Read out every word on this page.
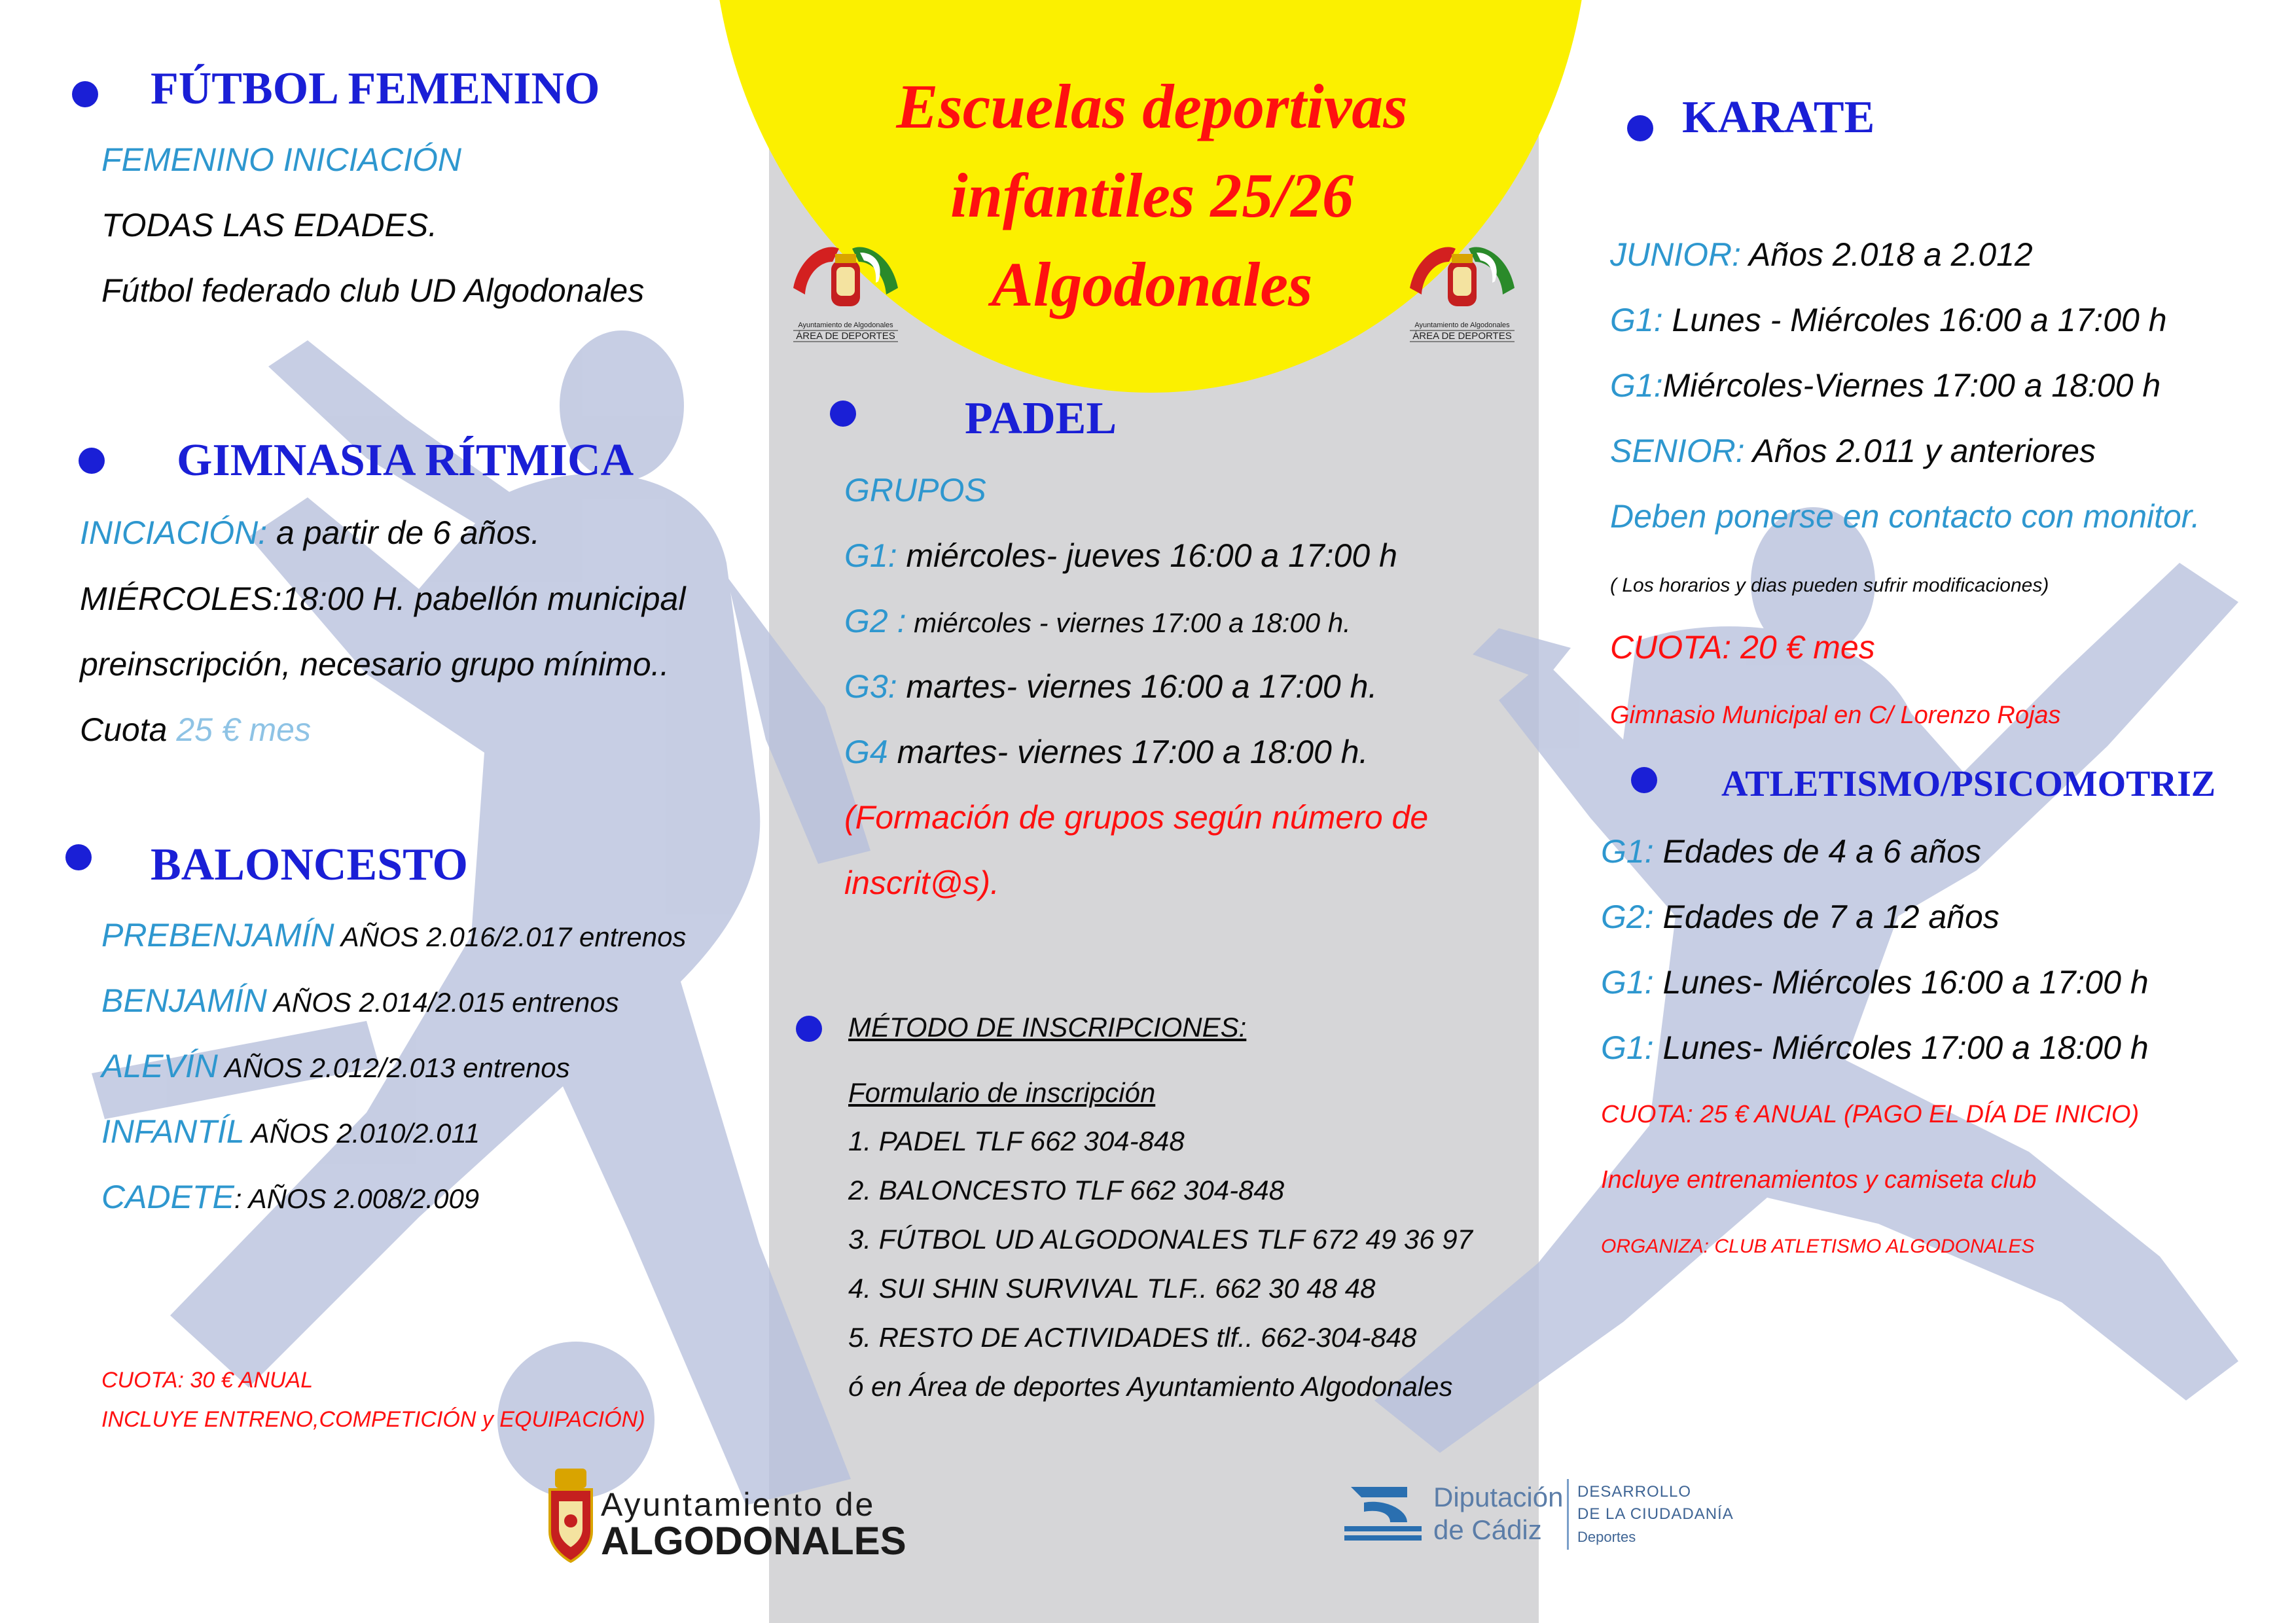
Escuelas deportivas
infantiles 25/26
Algodonales
Ayuntamiento de Algodonales
ÁREA DE DEPORTES
Ayuntamiento de Algodonales
ÁREA DE DEPORTES
FÚTBOL FEMENINO
FEMENINO INICIACIÓN
TODAS LAS EDADES.
Fútbol federado club UD Algodonales
GIMNASIA RÍTMICA
INICIACIÓN: a partir de 6 años.
MIÉRCOLES:18:00 H. pabellón municipal
preinscripción, necesario grupo mínimo..
Cuota 25 € mes
BALONCESTO
PREBENJAMÍN AÑOS 2.016/2.017 entrenos
BENJAMÍN AÑOS 2.014/2.015 entrenos
ALEVÍN AÑOS 2.012/2.013 entrenos
INFANTÍL AÑOS 2.010/2.011
CADETE: AÑOS 2.008/2.009
CUOTA: 30 € ANUAL
INCLUYE ENTRENO,COMPETICIÓN y EQUIPACIÓN)
PADEL
GRUPOS
G1: miércoles- jueves 16:00 a 17:00 h
G2 : miércoles - viernes 17:00 a 18:00 h.
G3: martes- viernes 16:00 a 17:00 h.
G4 martes- viernes 17:00 a 18:00 h.
(Formación de grupos según número de
inscrit@s).
MÉTODO DE INSCRIPCIONES:
Formulario de inscripción
1. PADEL TLF 662 304-848
2. BALONCESTO TLF 662 304-848
3. FÚTBOL UD ALGODONALES TLF 672 49 36 97
4. SUI SHIN SURVIVAL TLF.. 662 30 48 48
5. RESTO DE ACTIVIDADES tlf.. 662-304-848
ó en Área de deportes Ayuntamiento Algodonales
KARATE
JUNIOR: Años 2.018 a 2.012
G1: Lunes - Miércoles 16:00 a 17:00 h
G1:Miércoles-Viernes 17:00 a 18:00 h
SENIOR: Años 2.011 y anteriores
Deben ponerse en contacto con monitor.
( Los horarios y dias pueden sufrir modificaciones)
CUOTA: 20 € mes
Gimnasio Municipal en C/ Lorenzo Rojas
ATLETISMO/PSICOMOTRIZ
G1: Edades de 4 a 6 años
G2: Edades de 7 a 12 años
G1: Lunes- Miércoles 16:00 a 17:00 h
G1: Lunes- Miércoles 17:00 a 18:00 h
CUOTA: 25 € ANUAL (PAGO EL DÍA DE INICIO)
Incluye entrenamientos y camiseta club
ORGANIZA: CLUB ATLETISMO ALGODONALES
Ayuntamiento de
ALGODONALES
Diputación
de Cádiz
DESARROLLO
DE LA CIUDADANÍA
Deportes
